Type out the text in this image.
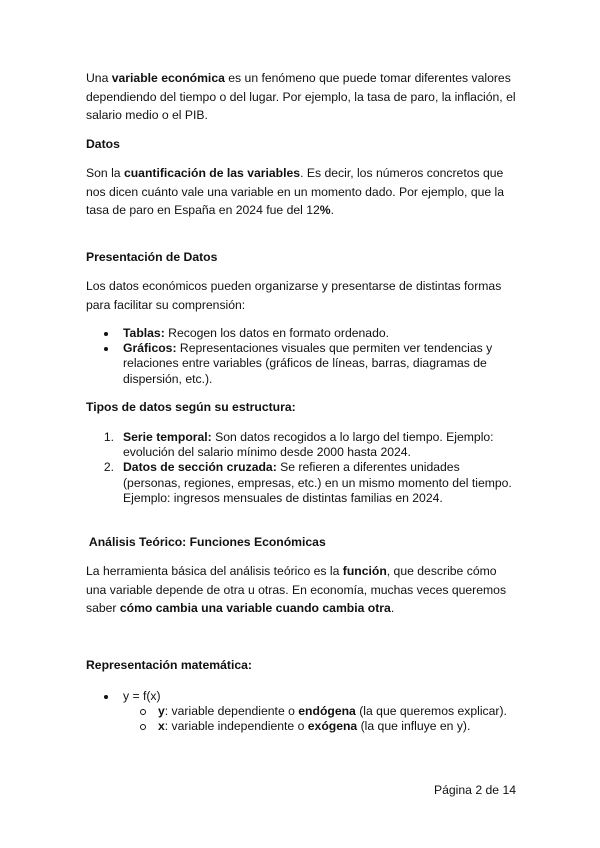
Una variable económica es un fenómeno que puede tomar diferentes valores dependiendo del tiempo o del lugar. Por ejemplo, la tasa de paro, la inflación, el salario medio o el PIB.

Datos

Son la cuantificación de las variables. Es decir, los números concretos que nos dicen cuánto vale una variable en un momento dado. Por ejemplo, que la tasa de paro en España en 2024 fue del 12%.

Presentación de Datos

Los datos económicos pueden organizarse y presentarse de distintas formas para facilitar su comprensión:

Tablas: Recogen los datos en formato ordenado.
Gráficos: Representaciones visuales que permiten ver tendencias y relaciones entre variables (gráficos de líneas, barras, diagramas de dispersión, etc.).
Tipos de datos según su estructura:
1. Serie temporal: Son datos recogidos a lo largo del tiempo. Ejemplo: evolución del salario mínimo desde 2000 hasta 2024.
2. Datos de sección cruzada: Se refieren a diferentes unidades (personas, regiones, empresas, etc.) en un mismo momento del tiempo. Ejemplo: ingresos mensuales de distintas familias en 2024.
Análisis Teórico: Funciones Económicas

La herramienta básica del análisis teórico es la función, que describe cómo una variable depende de otra u otras. En economía, muchas veces queremos saber cómo cambia una variable cuando cambia otra.

Representación matemática:
y = f(x)
y: variable dependiente o endógena (la que queremos explicar).
x: variable independiente o exógena (la que influye en y).
Página 2 de 14
